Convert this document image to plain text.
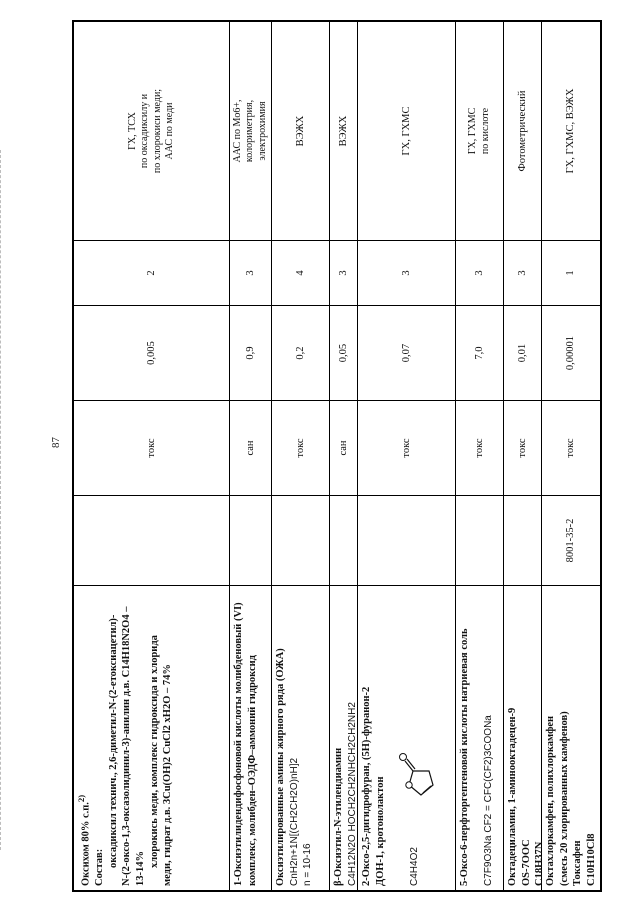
87
Оксихом 80% с.п.$^{2)}$
Состав: оксадиксил технич., 2,6-диметил-N-(2-етоксиацетил)- N-(2-оксо-1,3-оксазолидинил-3)-анилин д.в. C14H18N2O4 – 13-14%
хлорокись меди, комплекс гидроксида и хлорида меди, гидрат д.в. 3Cu(OH)2 CuCl2 xH2O – 74%
токс
0,005
2
ГХ, ТСХ по оксадиксилу и по хлорокиси меди; ААС по меди
1-Оксиэтилидендифосфоновой кислоты молибденовый (VI) комплекс, молибден–ОЭДФ–аммоний гидроксид
сан
0,9
3
ААС по Mo6+, колориметрия, электрохимия
Оксиэтилированные амины жирного ряда (ОЖА) CnH2n+1N[(CH2CH2O)nH]2 n = 10-16
токс
0,2
4
ВЭЖХ
β-Оксиэтил-N-этилендиамин C4H12N2O HOCH2CH2NHCH2CH2NH2
сан
0,05
3
ВЭЖХ
2-Оксо-2,5-дигидрофуран, (5Н)-фуранон-2 ДОН-1, кротонолактон C4H4O2
токс
0,07
3
ГХ, ГХМС
5-Оксо-6-перфторгептеновой кислоты натриевая соль C7F9O3Na CF2 = CFC(CF2)3COONa
токс
7,0
3
ГХ, ГХМС по кислоте
Октадециламин, 1-аминооктадецен-9 OS-7OOC C18H37N
токс
0,01
3
Фотометрический
Октахлоркамфен, полихлоркамфен (смесь 20 хлорированных камфенов) Токсафен C10H10Cl8
8001-35-2
токс
0,00001
1
ГХ, ГХМС, ВЭЖХ
